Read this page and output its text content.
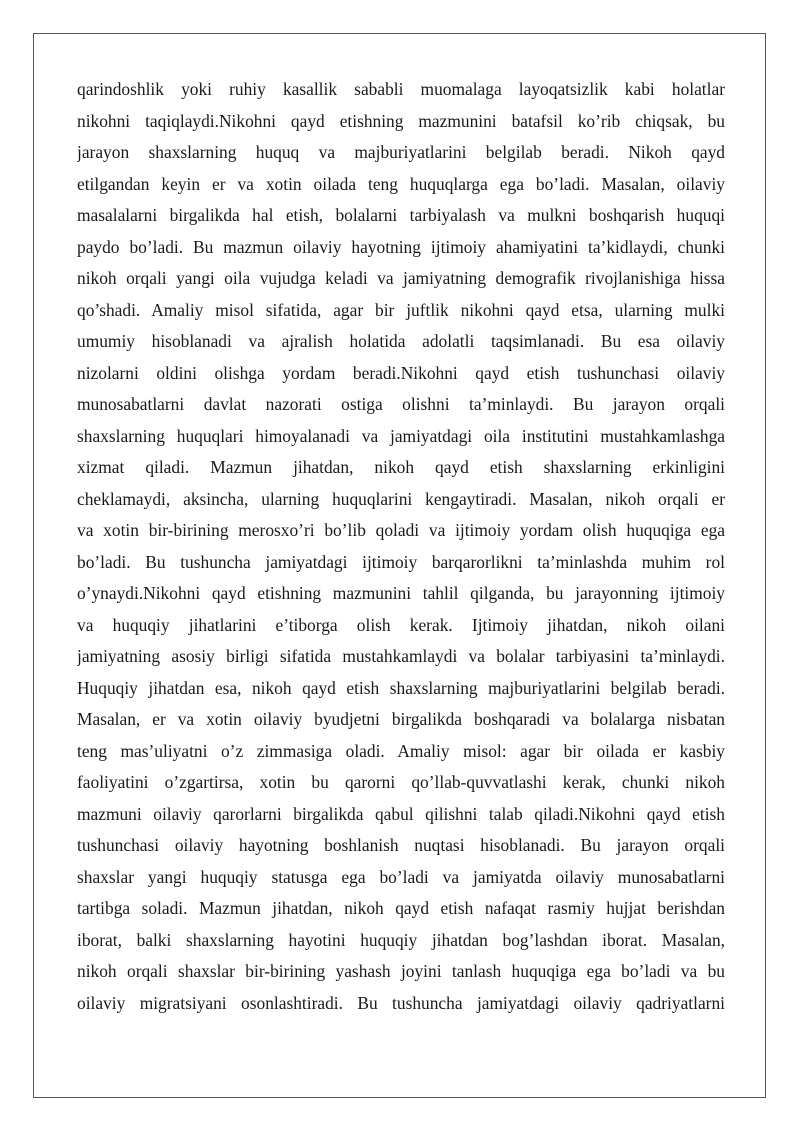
qarindoshlik yoki ruhiy kasallik sababli muomalaga layoqatsizlik kabi holatlar
nikohni taqiqlaydi.Nikohni qayd etishning mazmunini batafsil ko’rib chiqsak, bu
jarayon shaxslarning huquq va majburiyatlarini belgilab beradi. Nikoh qayd
etilgandan keyin er va xotin oilada teng huquqlarga ega bo’ladi. Masalan, oilaviy
masalalarni birgalikda hal etish, bolalarni tarbiyalash va mulkni boshqarish huquqi
paydo bo’ladi. Bu mazmun oilaviy hayotning ijtimoiy ahamiyatini ta’kidlaydi, chunki
nikoh orqali yangi oila vujudga keladi va jamiyatning demografik rivojlanishiga hissa
qo’shadi. Amaliy misol sifatida, agar bir juftlik nikohni qayd etsa, ularning mulki
umumiy hisoblanadi va ajralish holatida adolatli taqsimlanadi. Bu esa oilaviy
nizolarni oldini olishga yordam beradi.Nikohni qayd etish tushunchasi oilaviy
munosabatlarni davlat nazorati ostiga olishni ta’minlaydi. Bu jarayon orqali
shaxslarning huquqlari himoyalanadi va jamiyatdagi oila institutini mustahkamlashga
xizmat qiladi. Mazmun jihatdan, nikoh qayd etish shaxslarning erkinligini
cheklamaydi, aksincha, ularning huquqlarini kengaytiradi. Masalan, nikoh orqali er
va xotin bir-birining merosxo’ri bo’lib qoladi va ijtimoiy yordam olish huquqiga ega
bo’ladi. Bu tushuncha jamiyatdagi ijtimoiy barqarorlikni ta’minlashda muhim rol
o’ynaydi.Nikohni qayd etishning mazmunini tahlil qilganda, bu jarayonning ijtimoiy
va huquqiy jihatlarini e’tiborga olish kerak. Ijtimoiy jihatdan, nikoh oilani
jamiyatning asosiy birligi sifatida mustahkamlaydi va bolalar tarbiyasini ta’minlaydi.
Huquqiy jihatdan esa, nikoh qayd etish shaxslarning majburiyatlarini belgilab beradi.
Masalan, er va xotin oilaviy byudjetni birgalikda boshqaradi va bolalarga nisbatan
teng mas’uliyatni o’z zimmasiga oladi. Amaliy misol: agar bir oilada er kasbiy
faoliyatini o’zgartirsa, xotin bu qarorni qo’llab-quvvatlashi kerak, chunki nikoh
mazmuni oilaviy qarorlarni birgalikda qabul qilishni talab qiladi.Nikohni qayd etish
tushunchasi oilaviy hayotning boshlanish nuqtasi hisoblanadi. Bu jarayon orqali
shaxslar yangi huquqiy statusga ega bo’ladi va jamiyatda oilaviy munosabatlarni
tartibga soladi. Mazmun jihatdan, nikoh qayd etish nafaqat rasmiy hujjat berishdan
iborat, balki shaxslarning hayotini huquqiy jihatdan bog’lashdan iborat. Masalan,
nikoh orqali shaxslar bir-birining yashash joyini tanlash huquqiga ega bo’ladi va bu
oilaviy migratsiyani osonlashtiradi. Bu tushuncha jamiyatdagi oilaviy qadriyatlarni
